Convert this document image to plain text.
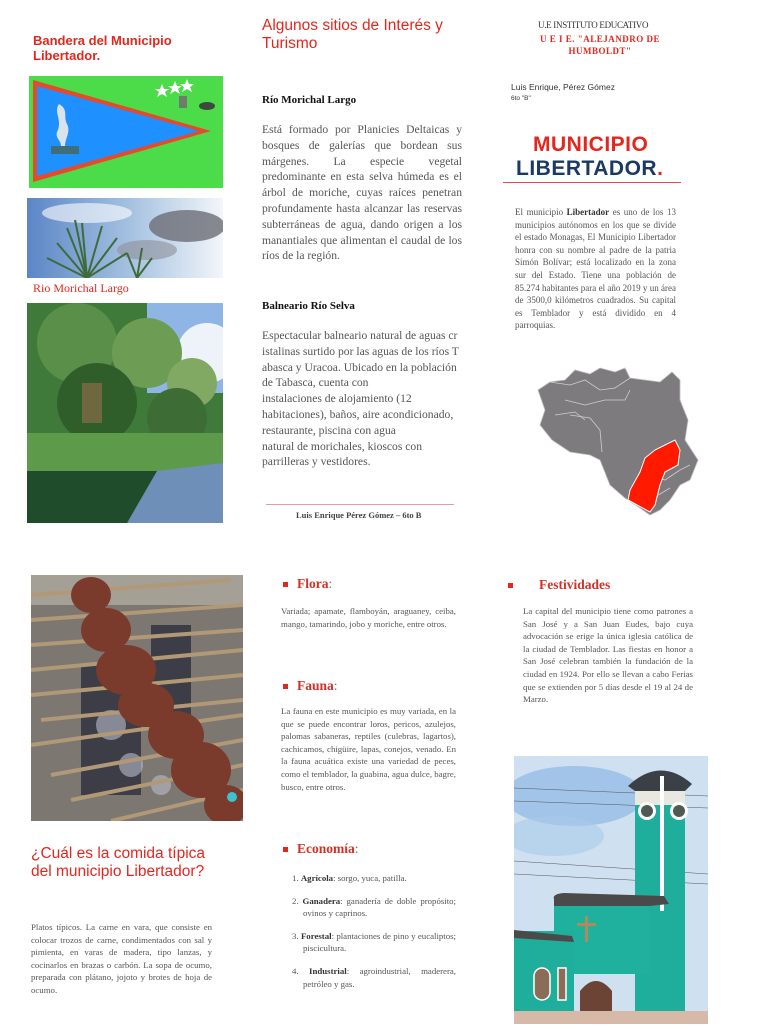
Bandera del Municipio Libertador.
Rio Morichal Largo
Algunos sitios de Interés y Turismo
Río Morichal Largo
Está formado por Planicies Deltaicas y bosques de galerías que bordean sus márgenes. La especie vegetal predominante en esta selva húmeda es el árbol de moriche, cuyas raíces penetran profundamente hasta alcanzar las reservas subterráneas de agua, dando origen a los manantiales que alimentan el caudal de los ríos de la región.
Balneario Río Selva
Espectacular balneario natural de aguas cr
istalinas surtido por las aguas de los ríos T
abasca y Uracoa. Ubicado en la población
de Tabasca, cuenta con
instalaciones de alojamiento (12
habitaciones), baños, aire acondicionado,
restaurante, piscina con agua
natural de morichales, kioscos con
parrilleras y vestidores.
Luis Enrique Pérez Gómez – 6to B
U.E INSTITUTO EDUCATIVO
U E I E. "ALEJANDRO DE HUMBOLDT"
Luis Enrique, Pérez Gómez
6to "B"
MUNICIPIO
LIBERTADOR.
El municipio Libertador es uno de los 13 municipios autónomos en los que se divide el estado Monagas, El Municipio Libertador honra con su nombre al padre de la patria Simón Bolívar; está localizado en la zona sur del Estado. Tiene una población de 85.274 habitantes para el año 2019 y un área de 3500,0 kilómetros cuadrados. Su capital es Temblador y está dividido en 4 parroquias.
¿Cuál es la comida típica del municipio Libertador?
Platos típicos. La carne en vara, que consiste en colocar trozos de carne, condimentados con sal y pimienta, en varas de madera, tipo lanzas, y cocinarlos en brazas o carbón. La sopa de ocumo, preparada con plátano, jojoto y brotes de hoja de ocumo.
Flora:
Variada; apamate, flamboyán, araguaney, ceiba, mango, tamarindo, jobo y moriche, entre otros.
Fauna:
La fauna en este municipio es muy variada, en la que se puede encontrar loros, pericos, azulejos, palomas sabaneras, reptiles (culebras, lagartos), cachicamos, chigüire, lapas, conejos, venado. En la fauna acuática existe una variedad de peces, como el temblador, la guabina, agua dulce, bagre, busco, entre otros.
Economía:
1. Agrícola: sorgo, yuca, patilla.
2. Ganadera: ganadería de doble propósito; ovinos y caprinos.
3. Forestal: plantaciones de pino y eucaliptos; piscicultura.
4. Industrial: agroindustrial, maderera, petróleo y gas.
Festividades
La capital del municipio tiene como patrones a San José y a San Juan Eudes, bajo cuya advocación se erige la única iglesia católica de la ciudad de Temblador. Las fiestas en honor a San José celebran también la fundación de la ciudad en 1924. Por ello se llevan a cabo Ferias que se extienden por 5 días desde el 19 al 24 de Marzo.
